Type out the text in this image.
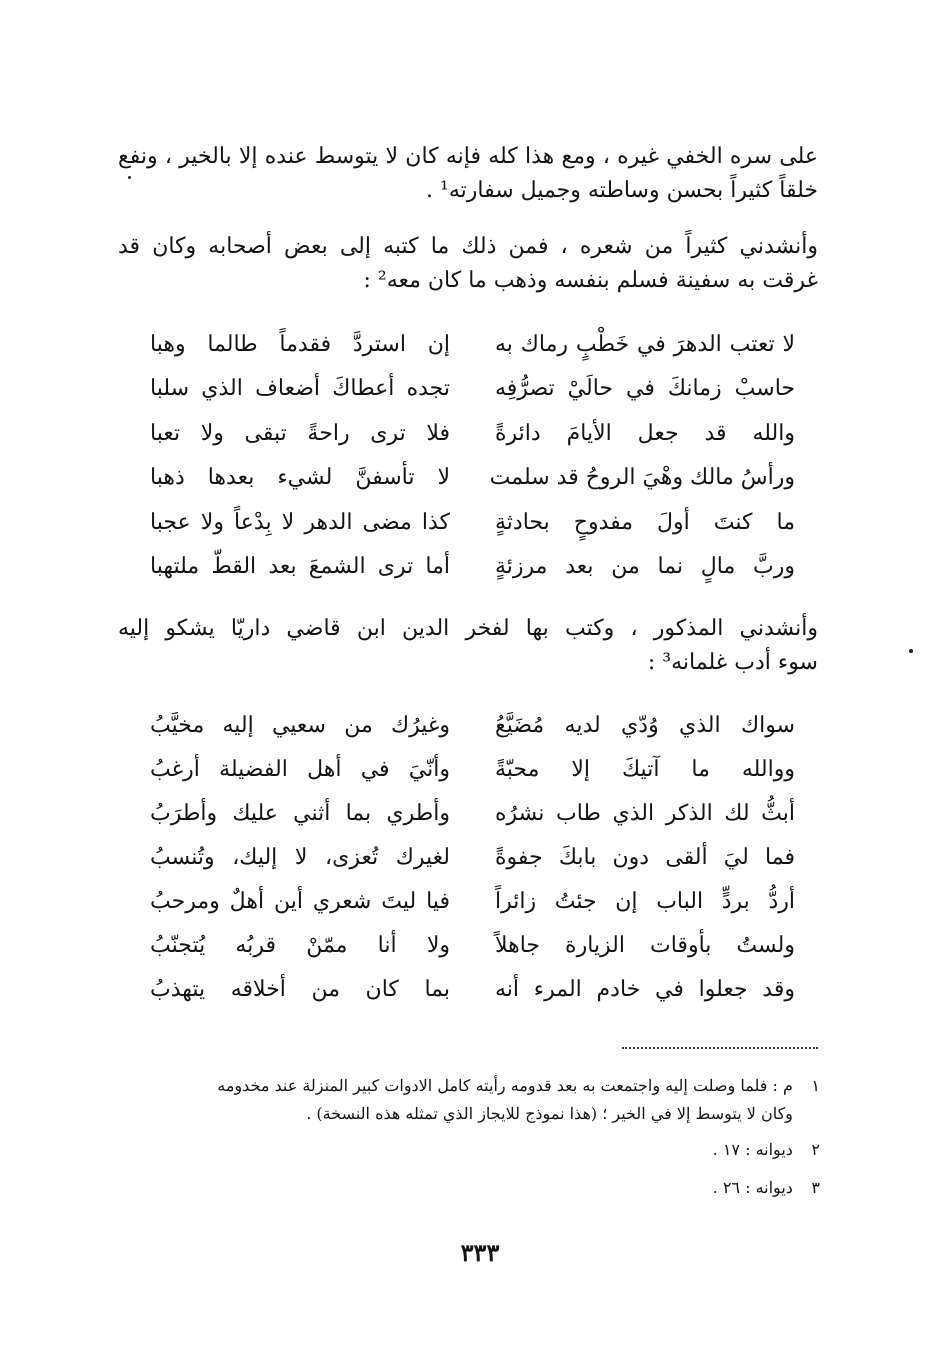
على سره الخفي غيره ، ومع هذا كله فإنه كان لا يتوسط عنده إلا بالخير ، ونفع
خلقاً كثيراً بحسن وساطته وجميل سفارته¹ .
وأنشدني كثيراً من شعره ، فمن ذلك ما كتبه إلى بعض أصحابه وكان قد
غرقت به سفينة فسلم بنفسه وذهب ما كان معه² :
لا تعتب الدهرَ في خَطْبٍ رماك به
إن استردَّ فقدماً طالما وهبا
حاسبْ زمانكَ في حالَيْ تصرُّفِه
تجده أعطاكَ أضعاف الذي سلبا
والله قد جعل الأيامَ دائرةً
فلا ترى راحةً تبقى ولا تعبا
ورأسُ مالك وهْيَ الروحُ قد سلمت
لا تأسفنَّ لشيء بعدها ذهبا
ما كنتَ أولَ مفدوحٍ بحادثةٍ
كذا مضى الدهر لا بِدْعاً ولا عجبا
وربَّ مالٍ نما من بعد مرزئةٍ
أما ترى الشمعَ بعد القطّ ملتهبا
وأنشدني المذكور ، وكتب بها لفخر الدين ابن قاضي داريّا يشكو إليه
سوء أدب غلمانه³ :
سواك الذي وُدّي لديه مُضَيَّعُ
وغيرُك من سعيي إليه مخيَّبُ
ووالله ما آتيكَ إلا محبّةً
وأنّيَ في أهل الفضيلة أرغبُ
أبثُّ لك الذكر الذي طاب نشرُه
وأطري بما أثني عليك وأطرَبُ
فما ليَ ألقى دون بابكَ جفوةً
لغيرك تُعزى، لا إليك، وتُنسبُ
أردُّ بردٍّ الباب إن جئتُ زائراً
فيا ليتَ شعري أين أهلٌ ومرحبُ
ولستُ بأوقات الزيارة جاهلاً
ولا أنا ممّنْ قربُه يُتجنّبُ
وقد جعلوا في خادم المرء أنه
بما كان من أخلاقه يتهذبُ
١ م : فلما وصلت إليه واجتمعت به بعد قدومه رأيته كامل الادوات كبير المنزلة عند مخدومه
وكان لا يتوسط إلا في الخير ؛ (هذا نموذج للايجاز الذي تمثله هذه النسخة) .
٢ ديوانه : ١٧ .
٣ ديوانه : ٢٦ .
٣٣٣
